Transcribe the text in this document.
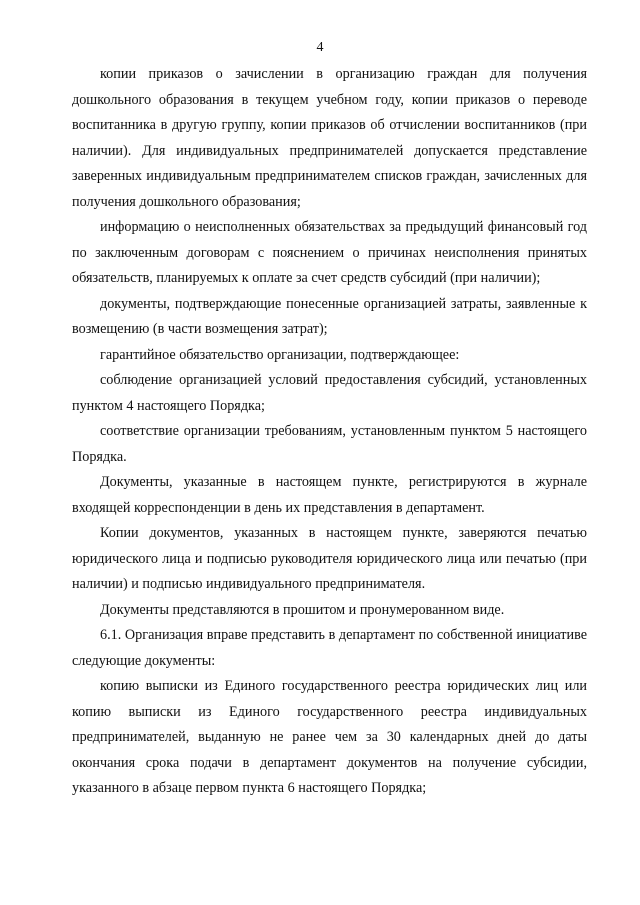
4

копии приказов о зачислении в организацию граждан для получения дошкольного образования в текущем учебном году, копии приказов о переводе воспитанника в другую группу, копии приказов об отчислении воспитанников (при наличии). Для индивидуальных предпринимателей допускается представление заверенных индивидуальным предпринимателем списков граждан, зачисленных для получения дошкольного образования;

информацию о неисполненных обязательствах за предыдущий финансовый год по заключенным договорам с пояснением о причинах неисполнения принятых обязательств, планируемых к оплате за счет средств субсидий (при наличии);

документы, подтверждающие понесенные организацией затраты, заявленные к возмещению (в части возмещения затрат);

гарантийное обязательство организации, подтверждающее:

соблюдение организацией условий предоставления субсидий, установленных пунктом 4 настоящего Порядка;

соответствие организации требованиям, установленным пунктом 5 настоящего Порядка.

Документы, указанные в настоящем пункте, регистрируются в журнале входящей корреспонденции в день их представления в департамент.

Копии документов, указанных в настоящем пункте, заверяются печатью юридического лица и подписью руководителя юридического лица или печатью (при наличии) и подписью индивидуального предпринимателя.

Документы представляются в прошитом и пронумерованном виде.

6.1. Организация вправе представить в департамент по собственной инициативе следующие документы:

копию выписки из Единого государственного реестра юридических лиц или копию выписки из Единого государственного реестра индивидуальных предпринимателей, выданную не ранее чем за 30 календарных дней до даты окончания срока подачи в департамент документов на получение субсидии, указанного в абзаце первом пункта 6 настоящего Порядка;
